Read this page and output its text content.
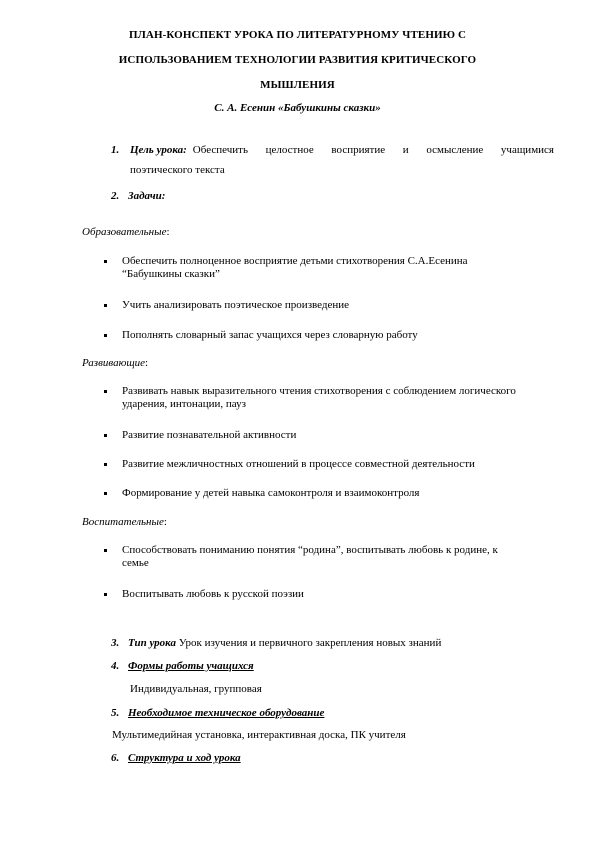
ПЛАН-КОНСПЕКТ УРОКА ПО ЛИТЕРАТУРНОМУ ЧТЕНИЮ С
ИСПОЛЬЗОВАНИЕМ ТЕХНОЛОГИИ РАЗВИТИЯ КРИТИЧЕСКОГО
МЫШЛЕНИЯ
С. А. Есенин «Бабушкины сказки»
1. Цель урока: Обеспечить целостное восприятие и осмысление учащимися
поэтического текста
2. Задачи:
Образовательные:
Обеспечить полноценное восприятие детьми стихотворения С.А.Есенина
“Бабушкины сказки”
Учить анализировать поэтическое произведение
Пополнять словарный запас учащихся через словарную работу
Развивающие:
Развивать навык выразительного чтения стихотворения с соблюдением логического
ударения, интонации, пауз
Развитие познавательной активности
Развитие межличностных отношений в процессе совместной деятельности
Формирование у детей навыка самоконтроля и взаимоконтроля
Воспитательные:
Способствовать пониманию понятия “родина”, воспитывать любовь к родине, к
семье
Воспитывать любовь к русской поэзии
3. Тип урока Урок изучения и первичного закрепления новых знаний
4. Формы работы учащихся
Индивидуальная, групповая
5. Необходимое техническое оборудование
Мультимедийная установка, интерактивная доска, ПК учителя
6. Структура и ход урока
